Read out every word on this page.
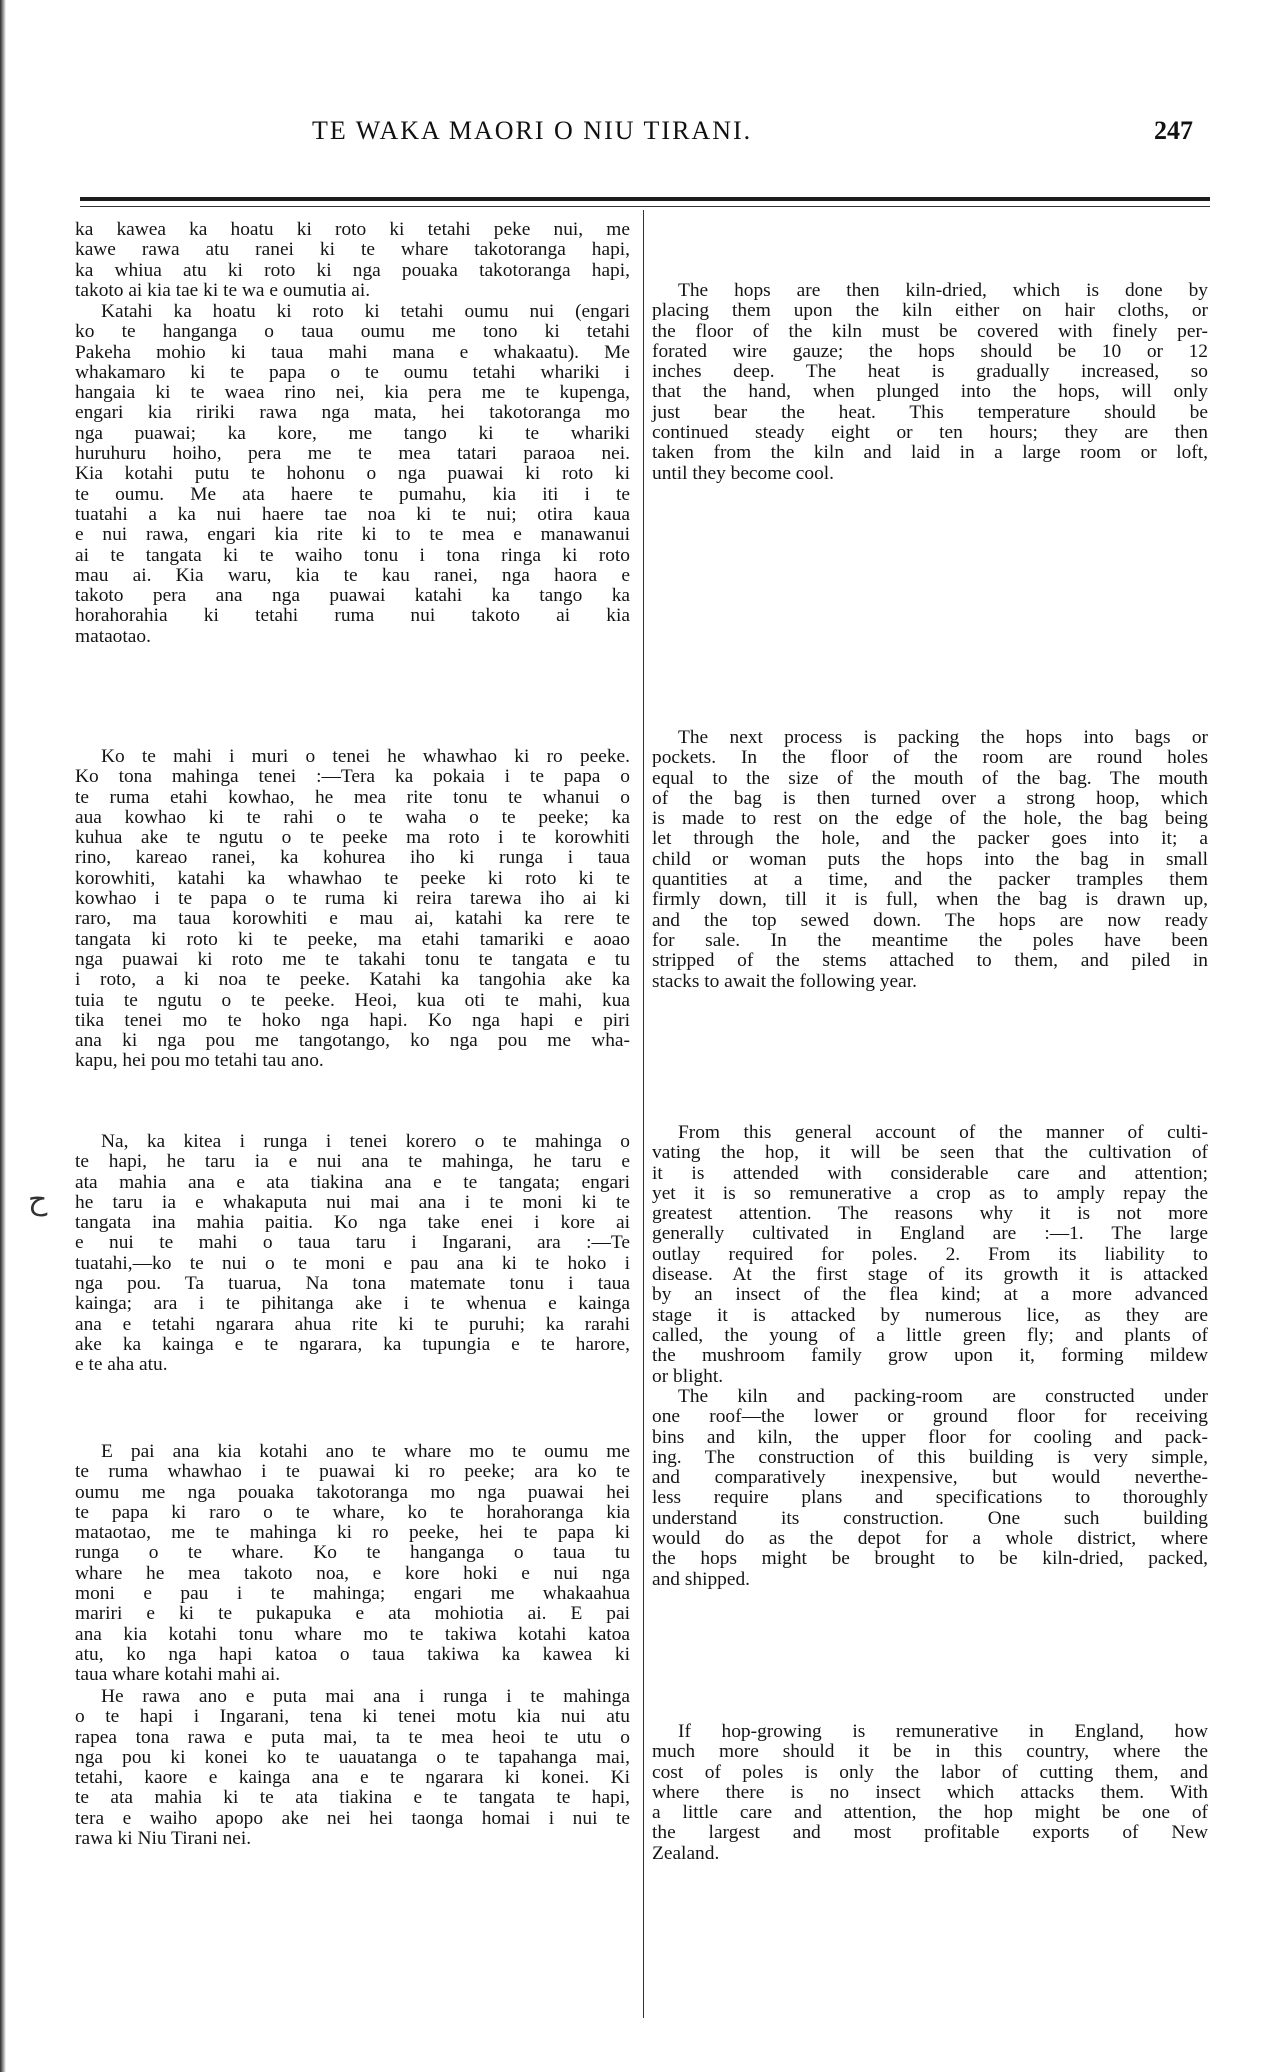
TE WAKA MAORI O NIU TIRANI.	247
ح
ka kawea ka hoatu ki roto ki tetahi peke nui, me
kawe rawa atu ranei ki te whare takotoranga hapi,
ka whiua atu ki roto ki nga pouaka takotoranga hapi,
takoto ai kia tae ki te wa e oumutia ai.
Katahi ka hoatu ki roto ki tetahi oumu nui (engari
ko te hanganga o taua oumu me tono ki tetahi
Pakeha mohio ki taua mahi mana e whakaatu). Me
whakamaro ki te papa o te oumu tetahi whariki i
hangaia ki te waea rino nei, kia pera me te kupenga,
engari kia ririki rawa nga mata, hei takotoranga mo
nga puawai; ka kore, me tango ki te whariki
huruhuru hoiho, pera me te mea tatari paraoa nei.
Kia kotahi putu te hohonu o nga puawai ki roto ki
te oumu. Me ata haere te pumahu, kia iti i te
tuatahi a ka nui haere tae noa ki te nui; otira kaua
e nui rawa, engari kia rite ki to te mea e manawanui
ai te tangata ki te waiho tonu i tona ringa ki roto
mau ai. Kia waru, kia te kau ranei, nga haora e
takoto pera ana nga puawai katahi ka tango ka
horahorahia ki tetahi ruma nui takoto ai kia
mataotao.
Ko te mahi i muri o tenei he whawhao ki ro peeke.
Ko tona mahinga tenei :—Tera ka pokaia i te papa o
te ruma etahi kowhao, he mea rite tonu te whanui o
aua kowhao ki te rahi o te waha o te peeke; ka
kuhua ake te ngutu o te peeke ma roto i te korowhiti
rino, kareao ranei, ka kohurea iho ki runga i taua
korowhiti, katahi ka whawhao te peeke ki roto ki te
kowhao i te papa o te ruma ki reira tarewa iho ai ki
raro, ma taua korowhiti e mau ai, katahi ka rere te
tangata ki roto ki te peeke, ma etahi tamariki e aoao
nga puawai ki roto me te takahi tonu te tangata e tu
i roto, a ki noa te peeke. Katahi ka tangohia ake ka
tuia te ngutu o te peeke. Heoi, kua oti te mahi, kua
tika tenei mo te hoko nga hapi. Ko nga hapi e piri
ana ki nga pou me tangotango, ko nga pou me wha-
kapu, hei pou mo tetahi tau ano.
Na, ka kitea i runga i tenei korero o te mahinga o
te hapi, he taru ia e nui ana te mahinga, he taru e
ata mahia ana e ata tiakina ana e te tangata; engari
he taru ia e whakaputa nui mai ana i te moni ki te
tangata ina mahia paitia. Ko nga take enei i kore ai
e nui te mahi o taua taru i Ingarani, ara :—Te
tuatahi,—ko te nui o te moni e pau ana ki te hoko i
nga pou. Ta tuarua, Na tona matemate tonu i taua
kainga; ara i te pihitanga ake i te whenua e kainga
ana e tetahi ngarara ahua rite ki te puruhi; ka rarahi
ake ka kainga e te ngarara, ka tupungia e te harore,
e te aha atu.
E pai ana kia kotahi ano te whare mo te oumu me
te ruma whawhao i te puawai ki ro peeke; ara ko te
oumu me nga pouaka takotoranga mo nga puawai hei
te papa ki raro o te whare, ko te horahoranga kia
mataotao, me te mahinga ki ro peeke, hei te papa ki
runga o te whare. Ko te hanganga o taua tu
whare he mea takoto noa, e kore hoki e nui nga
moni e pau i te mahinga; engari me whakaahua
mariri e ki te pukapuka e ata mohiotia ai. E pai
ana kia kotahi tonu whare mo te takiwa kotahi katoa
atu, ko nga hapi katoa o taua takiwa ka kawea ki
taua whare kotahi mahi ai.
He rawa ano e puta mai ana i runga i te mahinga
o te hapi i Ingarani, tena ki tenei motu kia nui atu
rapea tona rawa e puta mai, ta te mea heoi te utu o
nga pou ki konei ko te uauatanga o te tapahanga mai,
tetahi, kaore e kainga ana e te ngarara ki konei. Ki
te ata mahia ki te ata tiakina e te tangata te hapi,
tera e waiho apopo ake nei hei taonga homai i nui te
rawa ki Niu Tirani nei.
The hops are then kiln-dried, which is done by
placing them upon the kiln either on hair cloths, or
the floor of the kiln must be covered with finely per-
forated wire gauze; the hops should be 10 or 12
inches deep. The heat is gradually increased, so
that the hand, when plunged into the hops, will only
just bear the heat. This temperature should be
continued steady eight or ten hours; they are then
taken from the kiln and laid in a large room or loft,
until they become cool.
The next process is packing the hops into bags or
pockets. In the floor of the room are round holes
equal to the size of the mouth of the bag. The mouth
of the bag is then turned over a strong hoop, which
is made to rest on the edge of the hole, the bag being
let through the hole, and the packer goes into it; a
child or woman puts the hops into the bag in small
quantities at a time, and the packer tramples them
firmly down, till it is full, when the bag is drawn up,
and the top sewed down. The hops are now ready
for sale. In the meantime the poles have been
stripped of the stems attached to them, and piled in
stacks to await the following year.
From this general account of the manner of culti-
vating the hop, it will be seen that the cultivation of
it is attended with considerable care and attention;
yet it is so remunerative a crop as to amply repay the
greatest attention. The reasons why it is not more
generally cultivated in England are :—1. The large
outlay required for poles. 2. From its liability to
disease. At the first stage of its growth it is attacked
by an insect of the flea kind; at a more advanced
stage it is attacked by numerous lice, as they are
called, the young of a little green fly; and plants of
the mushroom family grow upon it, forming mildew
or blight.
The kiln and packing-room are constructed under
one roof—the lower or ground floor for receiving
bins and kiln, the upper floor for cooling and pack-
ing. The construction of this building is very simple,
and comparatively inexpensive, but would neverthe-
less require plans and specifications to thoroughly
understand its construction. One such building
would do as the depot for a whole district, where
the hops might be brought to be kiln-dried, packed,
and shipped.
If hop-growing is remunerative in England, how
much more should it be in this country, where the
cost of poles is only the labor of cutting them, and
where there is no insect which attacks them. With
a little care and attention, the hop might be one of
the largest and most profitable exports of New
Zealand.
